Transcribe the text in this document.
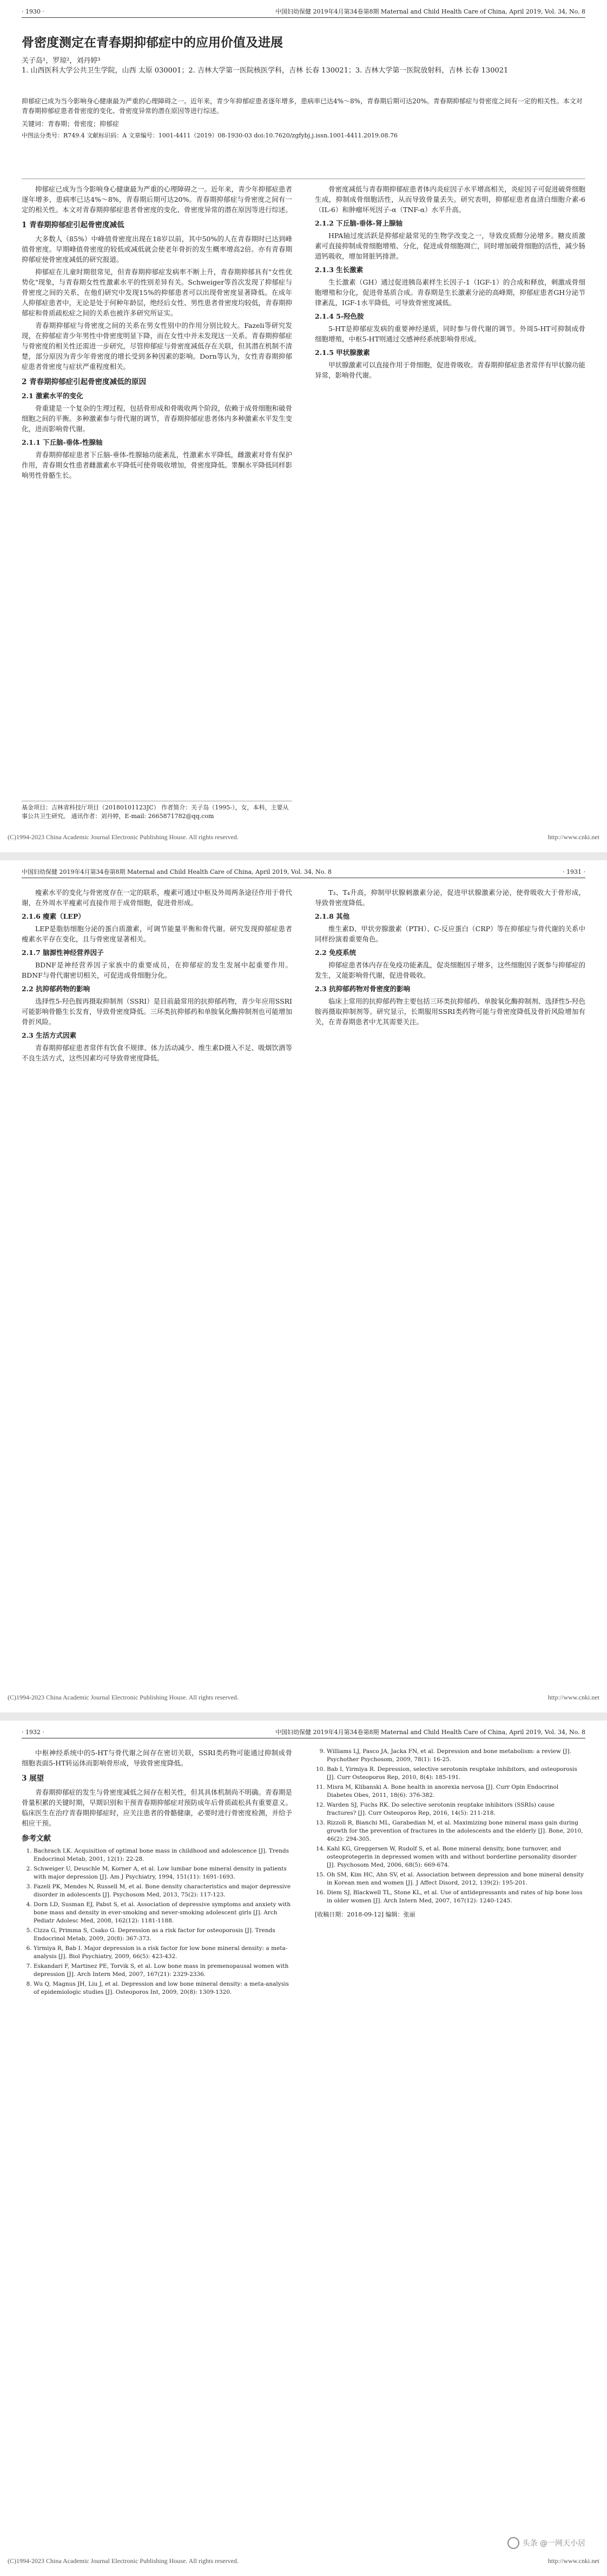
· 1930 ·	中国妇幼保健 2019年4月第34卷第8期 Maternal and Child Health Care of China, April 2019, Vol. 34, No. 8
骨密度测定在青春期抑郁症中的应用价值及进展
关子岛¹，罗琼²，刘丹婷³
1. 山西医科大学公共卫生学院，山西 太原 030001；2. 吉林大学第一医院核医学科，吉林 长春 130021；3. 吉林大学第一医院放射科，吉林 长春 130021
抑郁症已成为当今影响身心健康最为严重的心理障碍之一。近年来，青少年抑郁症患者逐年增多，患病率已达4%～8%，青春期后期可达20%。青春期抑郁症与骨密度之间有一定的相关性。本文对青春期抑郁症患者骨密度的变化、骨密度异常的潜在原因等进行综述。
关键词：青春期；骨密度；抑郁症
中图法分类号：R749.4 文献标识码：A 文章编号：1001-4411（2019）08-1930-03 doi:10.7620/zgfybj.j.issn.1001-4411.2019.08.76

抑郁症已成为当今影响身心健康最为严重的心理障碍之一。近年来，青少年抑郁症患者逐年增多，患病率已达4%～8%，青春期后期可达20%。青春期抑郁症与骨密度之间有一定的相关性。本文对青春期抑郁症患者骨密度的变化、骨密度异常的潜在原因等进行综述。

1 青春期抑郁症引起骨密度减低

大多数人（85%）中峰值骨密度出现在18岁以前，其中50%的人在青春期时已达到峰值骨密度。早期峰值骨密度的较低或减低就会使老年骨折的发生概率增高2倍。亦有青春期抑郁症使骨密度减低的研究报道。

抑郁症在儿童时期很常见，但青春期抑郁症发病率不断上升，青春期抑郁具有"女性优势化"现象，与青春期女性性激素水平的性别差异有关。Schweiger等首次发现了抑郁症与骨密度之间的关系，在他们研究中发现15%的抑郁患者可以出现骨密度显著降低。在成年人抑郁症患者中，无论是处于何种年龄层，绝经后女性、男性患者骨密度均较低，青春期抑郁症和骨质疏松症之间的关系也被许多研究所证实。

青春期抑郁症与骨密度之间的关系在男女性别中的作用分别比较大。Fazeli等研究发现，在抑郁症青少年男性中骨密度明显下降，而在女性中并未发现这一关系。青春期抑郁症与骨密度的相关性还需进一步研究，尽管抑郁症与骨密度减低存在关联，但其潜在机制不清楚，部分原因为青少年骨密度的增长受到多种因素的影响。Dorn等认为，女性青春期抑郁症患者骨密度与症状严重程度相关。

2 青春期抑郁症引起骨密度减低的原因
2.1 激素水平的变化

骨重建是一个复杂的生理过程，包括骨形成和骨吸收两个阶段，依赖于成骨细胞和破骨细胞之间的平衡。多种激素参与骨代谢的调节，青春期抑郁症患者体内多种激素水平发生变化，进而影响骨代谢。

2.1.1 下丘脑-垂体-性腺轴

青春期抑郁症患者下丘脑-垂体-性腺轴功能紊乱，性激素水平降低，雌激素对骨有保护作用，青春期女性患者雌激素水平降低可使骨吸收增加，骨密度降低。睾酮水平降低同样影响男性骨骼生长。

骨密度减低与青春期抑郁症患者体内炎症因子水平增高相关，炎症因子可促进破骨细胞生成，抑制成骨细胞活性，从而导致骨量丢失。研究表明，抑郁症患者血清白细胞介素-6（IL-6）和肿瘤坏死因子-α（TNF-α）水平升高。

2.1.2 下丘脑-垂体-肾上腺轴

HPA轴过度活跃是抑郁症最常见的生物学改变之一，导致皮质醇分泌增多。糖皮质激素可直接抑制成骨细胞增殖、分化，促进成骨细胞凋亡，同时增加破骨细胞的活性，减少肠道钙吸收，增加肾脏钙排泄。

2.1.3 生长激素

生长激素（GH）通过促进胰岛素样生长因子-1（IGF-1）的合成和释放，刺激成骨细胞增殖和分化，促进骨基质合成。青春期是生长激素分泌的高峰期，抑郁症患者GH分泌节律紊乱，IGF-1水平降低，可导致骨密度减低。

2.1.4 5-羟色胺

5-HT是抑郁症发病的重要神经递质，同时参与骨代谢的调节。外周5-HT可抑制成骨细胞增殖，中枢5-HT则通过交感神经系统影响骨形成。

2.1.5 甲状腺激素

甲状腺激素可以直接作用于骨细胞，促进骨吸收。青春期抑郁症患者常伴有甲状腺功能异常，影响骨代谢。

基金项目：吉林省科技厅项目（20180101123JC） 作者简介：关子岛（1995-），女，本科，主要从事公共卫生研究。 通讯作者：刘丹婷，E-mail: 2665871782@qq.com
(C)1994-2023 China Academic Journal Electronic Publishing House. All rights reserved.	http://www.cnki.net
中国妇幼保健 2019年4月第34卷第8期 Maternal and Child Health Care of China, April 2019, Vol. 34, No. 8	· 1931 ·

瘦素水平的变化与骨密度存在一定的联系，瘦素可通过中枢及外周两条途径作用于骨代谢，在外周水平瘦素可直接作用于成骨细胞，促进骨形成。

2.1.6 瘦素（LEP）

LEP是脂肪细胞分泌的蛋白质激素，可调节能量平衡和骨代谢。研究发现抑郁症患者瘦素水平存在变化，且与骨密度显著相关。

2.1.7 脑源性神经营养因子

BDNF是神经营养因子家族中的重要成员，在抑郁症的发生发展中起重要作用。BDNF与骨代谢密切相关，可促进成骨细胞分化。

2.2 抗抑郁药物的影响

选择性5-羟色胺再摄取抑制剂（SSRI）是目前最常用的抗抑郁药物，青少年应用SSRI可能影响骨骼生长发育，导致骨密度降低。三环类抗抑郁药和单胺氧化酶抑制剂也可能增加骨折风险。

2.3 生活方式因素

青春期抑郁症患者常伴有饮食不规律、体力活动减少、维生素D摄入不足、吸烟饮酒等不良生活方式，这些因素均可导致骨密度降低。

T₃、T₄升高，抑制甲状腺刺激素分泌，促进甲状腺激素分泌，使骨吸收大于骨形成，导致骨密度降低。

2.1.8 其他

维生素D、甲状旁腺激素（PTH）、C-反应蛋白（CRP）等在抑郁症与骨代谢的关系中同样扮演着重要角色。

2.2 免疫系统

抑郁症患者体内存在免疫功能紊乱，促炎细胞因子增多，这些细胞因子既参与抑郁症的发生，又能影响骨代谢，促进骨吸收。

2.3 抗抑郁药物对骨密度的影响

临床上常用的抗抑郁药物主要包括三环类抗抑郁药、单胺氧化酶抑制剂、选择性5-羟色胺再摄取抑制剂等。研究显示，长期服用SSRI类药物可能与骨密度降低及骨折风险增加有关，在青春期患者中尤其需要关注。

(C)1994-2023 China Academic Journal Electronic Publishing House. All rights reserved.	http://www.cnki.net
· 1932 ·	中国妇幼保健 2019年4月第34卷第8期 Maternal and Child Health Care of China, April 2019, Vol. 34, No. 8

中枢神经系统中的5-HT与骨代谢之间存在密切关联，SSRI类药物可能通过抑制成骨细胞表面5-HT转运体而影响骨形成，导致骨密度降低。

3 展望

青春期抑郁症的发生与骨密度减低之间存在相关性，但其具体机制尚不明确。青春期是骨量积累的关键时期，早期识别和干预青春期抑郁症对预防成年后骨质疏松具有重要意义。临床医生在治疗青春期抑郁症时，应关注患者的骨骼健康，必要时进行骨密度检测，并给予相应干预。

参考文献
1. Bachrach LK. Acquisition of optimal bone mass in childhood and adolescence [J]. Trends Endocrinol Metab, 2001, 12(1): 22-28.
2. Schweiger U, Deuschle M, Korner A, et al. Low lumbar bone mineral density in patients with major depression [J]. Am J Psychiatry, 1994, 151(11): 1691-1693.
3. Fazeli PK, Mendes N, Russell M, et al. Bone density characteristics and major depressive disorder in adolescents [J]. Psychosom Med, 2013, 75(2): 117-123.
4. Dorn LD, Susman EJ, Pabst S, et al. Association of depressive symptoms and anxiety with bone mass and density in ever-smoking and never-smoking adolescent girls [J]. Arch Pediatr Adolesc Med, 2008, 162(12): 1181-1188.
5. Cizza G, Primma S, Csako G. Depression as a risk factor for osteoporosis [J]. Trends Endocrinol Metab, 2009, 20(8): 367-373.
6. Yirmiya R, Bab I. Major depression is a risk factor for low bone mineral density: a meta-analysis [J]. Biol Psychiatry, 2009, 66(5): 423-432.
7. Eskandari F, Martinez PE, Torvik S, et al. Low bone mass in premenopausal women with depression [J]. Arch Intern Med, 2007, 167(21): 2329-2336.
8. Wu Q, Magnus JH, Liu J, et al. Depression and low bone mineral density: a meta-analysis of epidemiologic studies [J]. Osteoporos Int, 2009, 20(8): 1309-1320.
9. Williams LJ, Pasco JA, Jacka FN, et al. Depression and bone metabolism: a review [J]. Psychother Psychosom, 2009, 78(1): 16-25.
10. Bab I, Yirmiya R. Depression, selective serotonin reuptake inhibitors, and osteoporosis [J]. Curr Osteoporos Rep, 2010, 8(4): 185-191.
11. Misra M, Klibanski A. Bone health in anorexia nervosa [J]. Curr Opin Endocrinol Diabetes Obes, 2011, 18(6): 376-382.
12. Warden SJ, Fuchs RK. Do selective serotonin reuptake inhibitors (SSRIs) cause fractures? [J]. Curr Osteoporos Rep, 2016, 14(5): 211-218.
13. Rizzoli R, Bianchi ML, Garabedian M, et al. Maximizing bone mineral mass gain during growth for the prevention of fractures in the adolescents and the elderly [J]. Bone, 2010, 46(2): 294-305.
14. Kahl KG, Greggersen W, Rudolf S, et al. Bone mineral density, bone turnover, and osteoprotegerin in depressed women with and without borderline personality disorder [J]. Psychosom Med, 2006, 68(5): 669-674.
15. Oh SM, Kim HC, Ahn SV, et al. Association between depression and bone mineral density in Korean men and women [J]. J Affect Disord, 2012, 139(2): 195-201.
16. Diem SJ, Blackwell TL, Stone KL, et al. Use of antidepressants and rates of hip bone loss in older women [J]. Arch Intern Med, 2007, 167(12): 1240-1245.
[收稿日期：2018-09-12] 编辑：张丽
头条 @一网天小居
(C)1994-2023 China Academic Journal Electronic Publishing House. All rights reserved.	http://www.cnki.net
